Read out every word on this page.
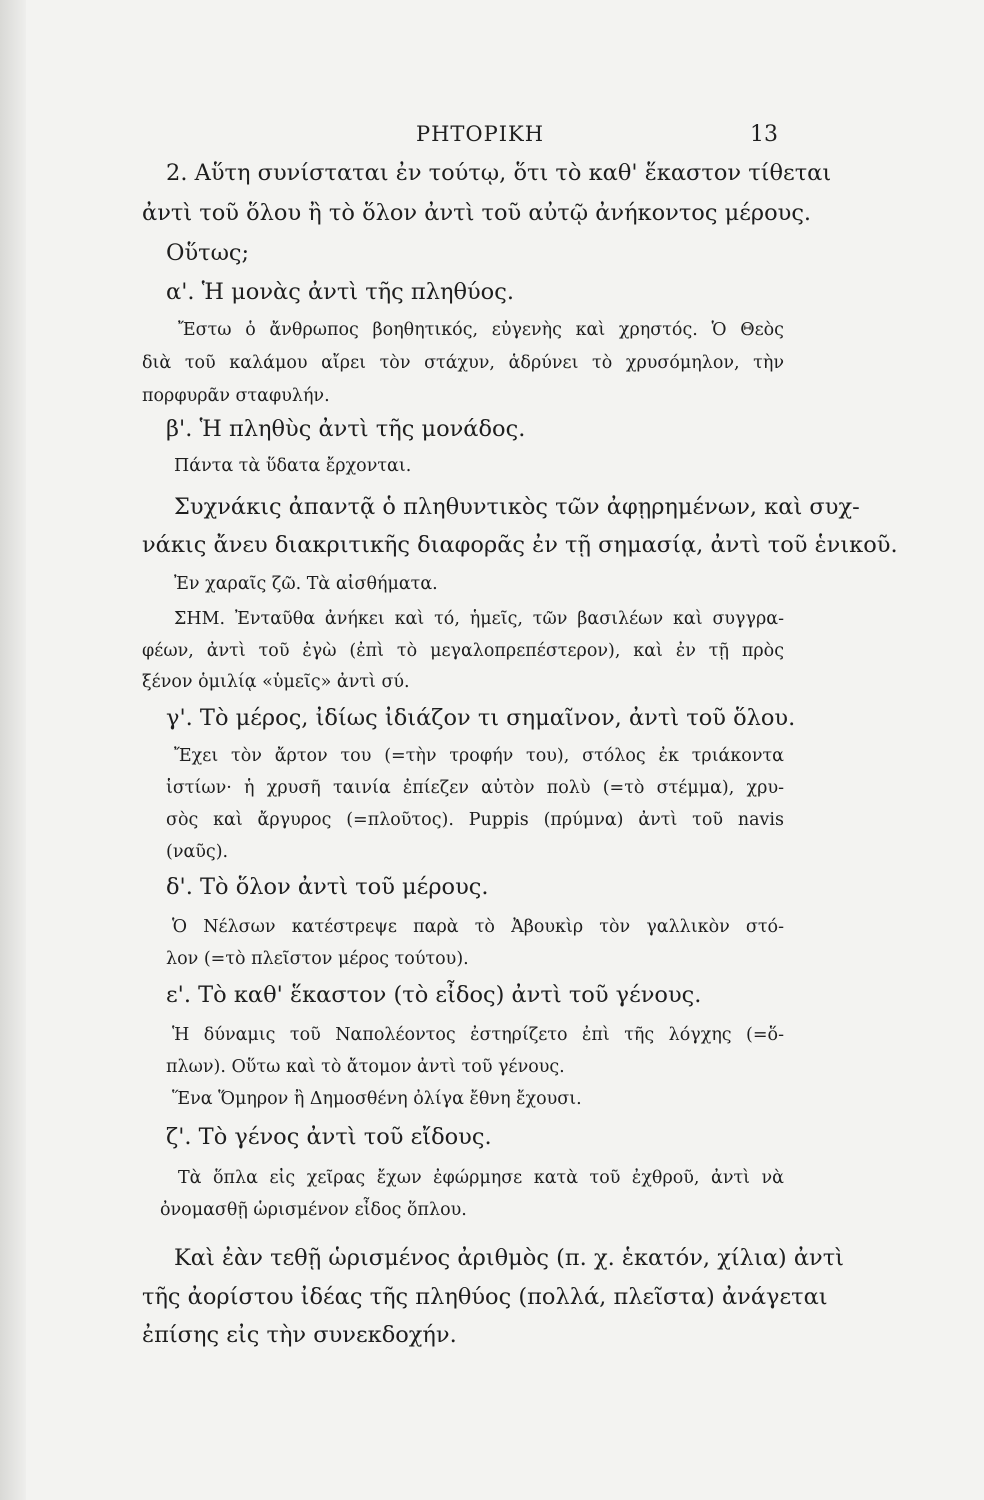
ΡΗΤΟΡΙΚΗ	13
2. Αὕτη συνίσταται ἐν τούτῳ, ὅτι τὸ καθ' ἕκαστον τίθεται
ἀντὶ τοῦ ὅλου ἢ τὸ ὅλον ἀντὶ τοῦ αὐτῷ ἀνήκοντος μέρους.
Οὕτως;
α'. Ἡ μονὰς ἀντὶ τῆς πληθύος.
Ἔστω ὁ ἄνθρωπος βοηθητικός, εὐγενὴς καὶ χρηστός. Ὁ Θεὸς
διὰ τοῦ καλάμου αἴρει τὸν στάχυν, ἁδρύνει τὸ χρυσόμηλον, τὴν
πορφυρᾶν σταφυλήν.
β'. Ἡ πληθὺς ἀντὶ τῆς μονάδος.
Πάντα τὰ ὕδατα ἔρχονται.
Συχνάκις ἀπαντᾷ ὁ πληθυντικὸς τῶν ἀφῃρημένων, καὶ συχ-
νάκις ἄνευ διακριτικῆς διαφορᾶς ἐν τῇ σημασίᾳ, ἀντὶ τοῦ ἑνικοῦ.
Ἐν χαραῖς ζῶ. Τὰ αἰσθήματα.
ΣΗΜ. Ἐνταῦθα ἀνήκει καὶ τό, ἡμεῖς, τῶν βασιλέων καὶ συγγρα-
φέων, ἀντὶ τοῦ ἐγὼ (ἐπὶ τὸ μεγαλοπρεπέστερον), καὶ ἐν τῇ πρὸς
ξένον ὁμιλίᾳ «ὑμεῖς» ἀντὶ σύ.
γ'. Τὸ μέρος, ἰδίως ἰδιάζον τι σημαῖνον, ἀντὶ τοῦ ὅλου.
Ἔχει τὸν ἄρτον του (=τὴν τροφήν του), στόλος ἐκ τριάκοντα
ἱστίων· ἡ χρυσῆ ταινία ἐπίεζεν αὐτὸν πολὺ (=τὸ στέμμα), χρυ-
σὸς καὶ ἄργυρος (=πλοῦτος). Puppis (πρύμνα) ἀντὶ τοῦ navis
(ναῦς).
δ'. Τὸ ὅλον ἀντὶ τοῦ μέρους.
Ὁ Νέλσων κατέστρεψε παρὰ τὸ Ἀβουκὶρ τὸν γαλλικὸν στό-
λον (=τὸ πλεῖστον μέρος τούτου).
ε'. Τὸ καθ' ἕκαστον (τὸ εἶδος) ἀντὶ τοῦ γένους.
Ἡ δύναμις τοῦ Ναπολέοντος ἐστηρίζετο ἐπὶ τῆς λόγχης (=ὅ-
πλων). Οὕτω καὶ τὸ ἄτομον ἀντὶ τοῦ γένους.
Ἕνα Ὅμηρον ἢ Δημοσθένη ὀλίγα ἔθνη ἔχουσι.
ζ'. Τὸ γένος ἀντὶ τοῦ εἴδους.
Τὰ ὅπλα εἰς χεῖρας ἔχων ἐφώρμησε κατὰ τοῦ ἐχθροῦ, ἀντὶ νὰ
ὀνομασθῇ ὡρισμένον εἶδος ὅπλου.
Καὶ ἐὰν τεθῇ ὡρισμένος ἀριθμὸς (π. χ. ἑκατόν, χίλια) ἀντὶ
τῆς ἀορίστου ἰδέας τῆς πληθύος (πολλά, πλεῖστα) ἀνάγεται
ἐπίσης εἰς τὴν συνεκδοχήν.
